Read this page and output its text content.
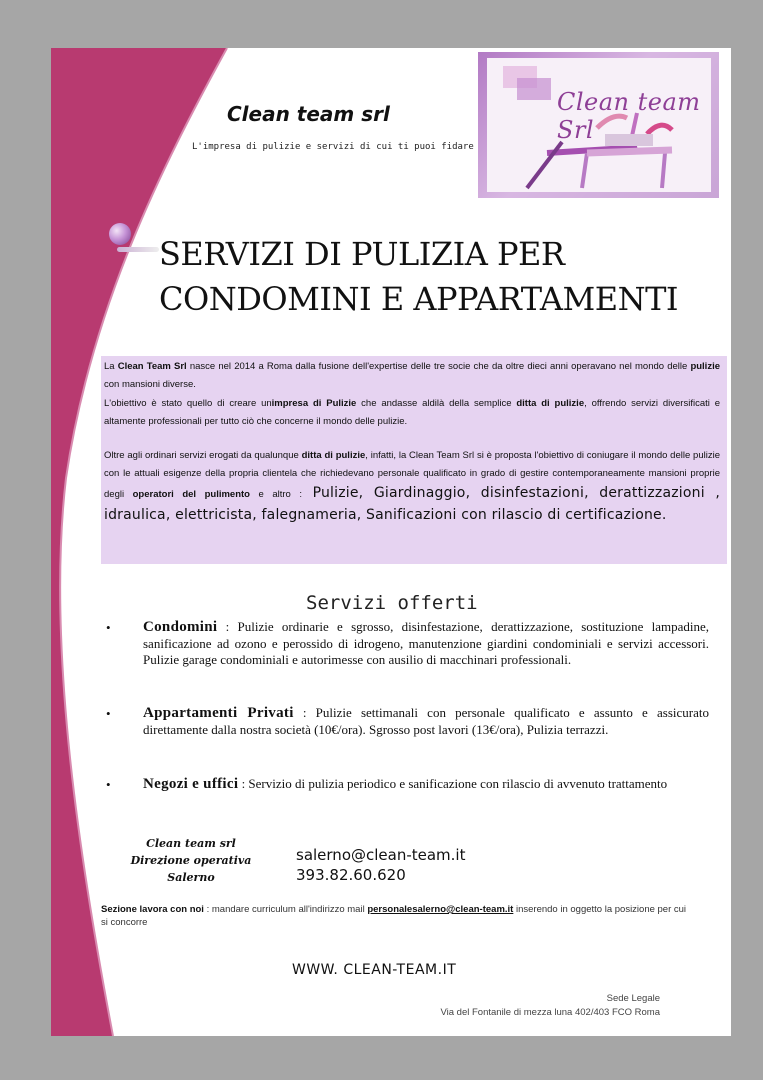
Clean team srl
L'impresa di pulizie e servizi di cui ti puoi fidare
Clean team Srl
SERVIZI DI PULIZIA PER
CONDOMINI E APPARTAMENTI

La Clean Team Srl nasce nel 2014 a Roma dalla fusione dell'expertise delle tre socie che da oltre dieci anni operavano nel mondo delle pulizie con mansioni diverse.

L'obiettivo è stato quello di creare unimpresa di Pulizie che andasse aldilà della semplice ditta di pulizie, offrendo servizi diversificati e altamente professionali per tutto ciò che concerne il mondo delle pulizie.

Oltre agli ordinari servizi erogati da qualunque ditta di pulizie, infatti, la Clean Team Srl si è proposta l'obiettivo di coniugare il mondo delle pulizie con le attuali esigenze della propria clientela che richiedevano personale qualificato in grado di gestire contemporaneamente mansioni proprie degli operatori del pulimento e altro : Pulizie, Giardinaggio, disinfestazioni, derattizzazioni , idraulica, elettricista, falegnameria, Sanificazioni con rilascio di certificazione.

Servizi offerti
• Condomini : Pulizie ordinarie e sgrosso, disinfestazione, derattizzazione, sostituzione lampadine, sanificazione ad ozono e perossido di idrogeno, manutenzione giardini condominiali e servizi accessori. Pulizie garage condominiali e autorimesse con ausilio di macchinari professionali.
• Appartamenti Privati : Pulizie settimanali con personale qualificato e assunto e assicurato direttamente dalla nostra società (10€/ora). Sgrosso post lavori (13€/ora), Pulizia terrazzi.
• Negozi e uffici : Servizio di pulizia periodico e sanificazione con rilascio di avvenuto trattamento
Clean team srl
Direzione operativa
Salerno
salerno@clean-team.it
393.82.60.620
Sezione lavora con noi : mandare curriculum all'indirizzo mail personalesalerno@clean-team.it inserendo in oggetto la posizione per cui si concorre
WWW. CLEAN-TEAM.IT
Sede Legale
Via del Fontanile di mezza luna 402/403 FCO Roma
